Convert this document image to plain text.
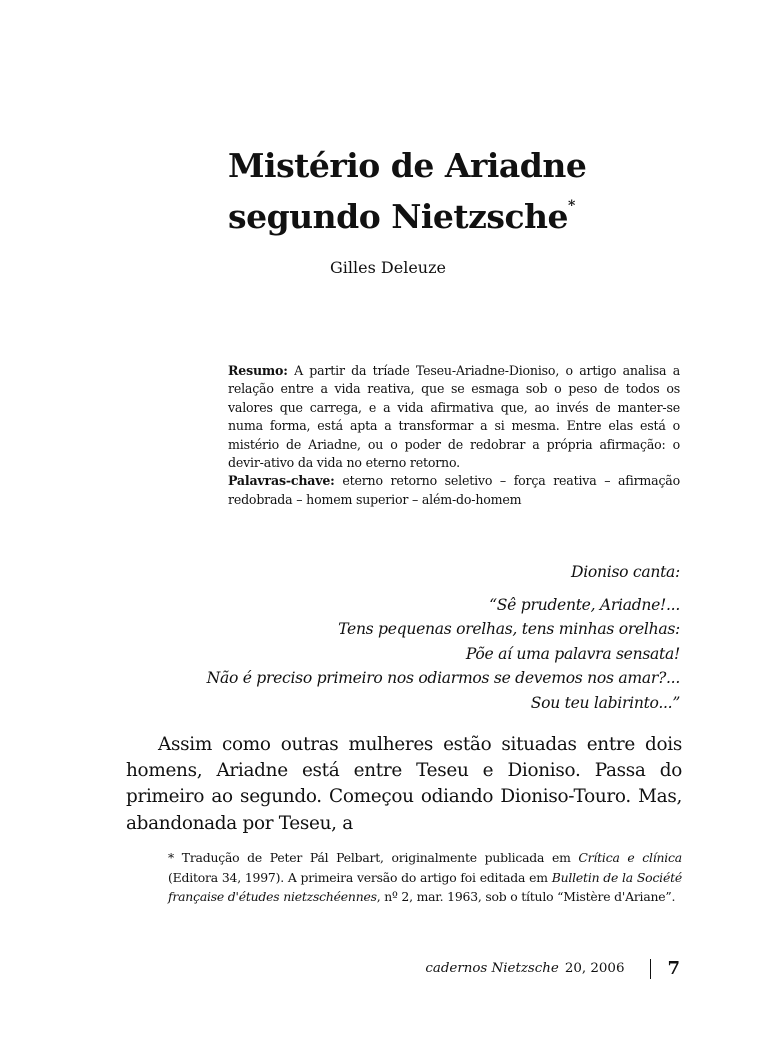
Mistério de Ariadne
segundo Nietzsche*
Gilles Deleuze

Resumo: A partir da tríade Teseu-Ariadne-Dioniso, o artigo analisa a relação entre a vida reativa, que se esmaga sob o peso de todos os valores que carrega, e a vida afirmativa que, ao invés de manter-se numa forma, está apta a transformar a si mesma. Entre elas está o mistério de Ariadne, ou o poder de redobrar a própria afirmação: o devir-ativo da vida no eterno retorno.

Palavras-chave: eterno retorno seletivo – força reativa – afirmação redobrada – homem superior – além-do-homem

Dioniso canta:
“Sê prudente, Ariadne!...
Tens pequenas orelhas, tens minhas orelhas:
Põe aí uma palavra sensata!
Não é preciso primeiro nos odiarmos se devemos nos amar?...
Sou teu labirinto...”

Assim como outras mulheres estão situadas entre dois homens, Ariadne está entre Teseu e Dioniso. Passa do primeiro ao segundo. Começou odiando Dioniso-Touro. Mas, abandonada por Teseu, a

* Tradução de Peter Pál Pelbart, originalmente publicada em Crítica e clínica (Editora 34, 1997). A primeira versão do artigo foi editada em Bulletin de la Société française d'études nietzschéennes, nº 2, mar. 1963, sob o título “Mistère d'Ariane”.
cadernos Nietzsche 20, 2006 7
